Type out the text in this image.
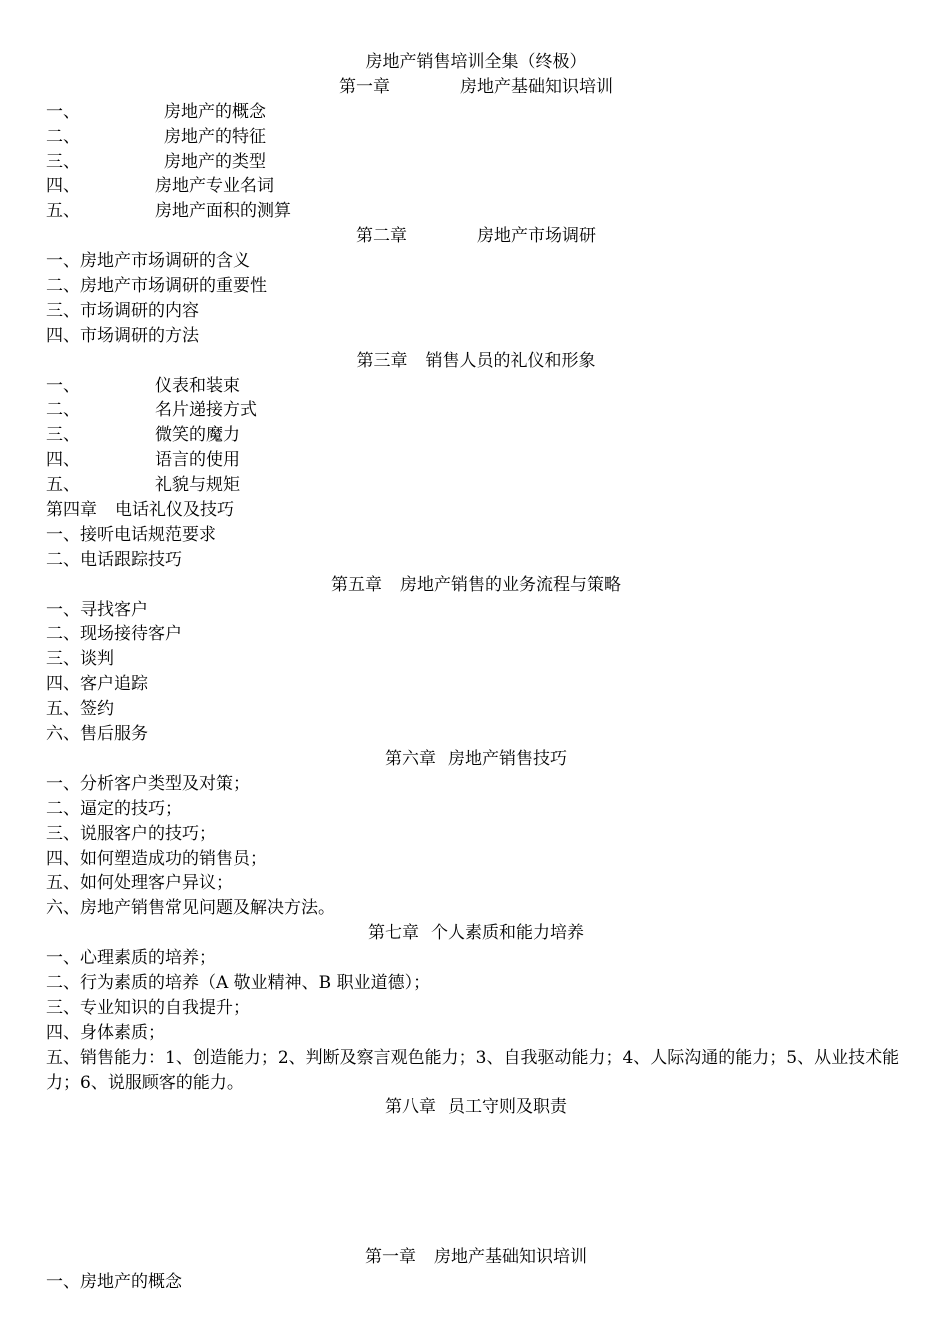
房地产销售培训全集（终极）
第一章	房地产基础知识培训
一、	房地产的概念
二、	房地产的特征
三、	房地产的类型
四、	房地产专业名词
五、	房地产面积的测算
第二章	房地产市场调研
一、房地产市场调研的含义
二、房地产市场调研的重要性
三、市场调研的内容
四、市场调研的方法
第三章 销售人员的礼仪和形象
一、	仪表和装束
二、	名片递接方式
三、	微笑的魔力
四、	语言的使用
五、	礼貌与规矩
第四章 电话礼仪及技巧
一、接听电话规范要求
二、电话跟踪技巧
第五章 房地产销售的业务流程与策略
一、寻找客户
二、现场接待客户
三、谈判
四、客户追踪
五、签约
六、售后服务
第六章 房地产销售技巧
一、分析客户类型及对策；
二、逼定的技巧；
三、说服客户的技巧；
四、如何塑造成功的销售员；
五、如何处理客户异议；
六、房地产销售常见问题及解决方法。
第七章 个人素质和能力培养
一、心理素质的培养；
二、行为素质的培养（A 敬业精神、B 职业道德）；
三、专业知识的自我提升；
四、身体素质；
五、销售能力：1、创造能力；2、判断及察言观色能力；3、自我驱动能力；4、人际沟通的能力；5、从业技术能力；6、说服顾客的能力。
第八章 员工守则及职责
第一章 房地产基础知识培训
一、房地产的概念
